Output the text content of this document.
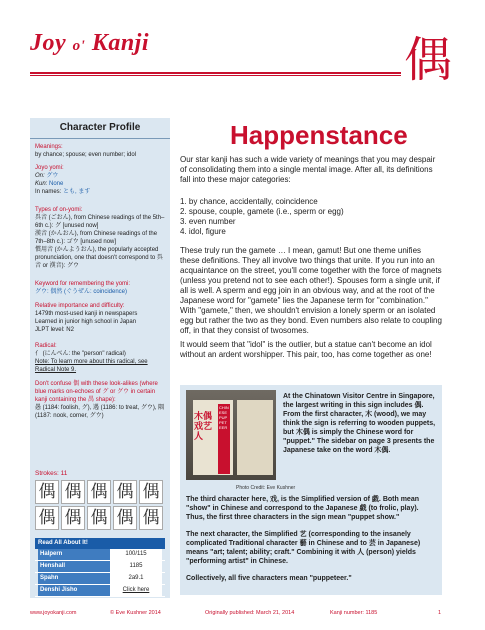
Joy o' Kanji	偶
Character Profile
Meanings:
by chance; spouse; even number; idol
Joyo yomi:
On: グウ
Kun: None
In names: とも, ます
Types of on-yomi:
呉音 (ごおん), from Chinese readings of the 5th–6th c.): グ [unused now]
漢音 (かんおん), from Chinese readings of the 7th–8th c.): ゴウ [unused now]
慣用音 (かんようおん), the popularly accepted pronunciation, one that doesn't correspond to 呉音 or 漢音): グウ
Keyword for remembering the yomi:
グウ: 偶然 (ぐうぜん: coincidence)
Relative importance and difficulty:
1479th most-used kanji in newspapers
Learned in junior high school in Japan
JLPT level: N2
Radical:
亻 (にんべん: the "person" radical)
Note: To learn more about this radical, see Radical Note 9.
Don't confuse 偶 with these look-alikes (where blue marks on-echoes of グ or グウ in certain kanji containing the 禺 shape):
愚 (1184: foolish, グ), 遇 (1186: to treat, グウ), 隅 (1187: nook, corner, グウ)
Strokes: 11
偶 偶 偶 偶 偶
偶 偶 偶 偶 偶
Read All About It!
Halpern	100/115
Henshall	1185
Spahn	2a9.1
Denshi Jisho	Click here
Happenstance
Our star kanji has such a wide variety of meanings that you may despair of consolidating them into a single mental image. After all, its definitions fall into these major categories:
1. by chance, accidentally, coincidence
2. spouse, couple, gamete (i.e., sperm or egg)
3. even number
4. idol, figure
These truly run the gamete … I mean, gamut! But one theme unifies these definitions. They all involve two things that unite. If you run into an acquaintance on the street, you'll come together with the force of magnets (unless you pretend not to see each other!). Spouses form a single unit, if all is well. A sperm and egg join in an obvious way, and at the root of the Japanese word for "gamete" lies the Japanese term for "combination." With "gamete," then, we shouldn't envision a lonely sperm or an isolated egg but rather the two as they bond. Even numbers also relate to coupling off, in that they consist of twosomes.
It would seem that "idol" is the outlier, but a statue can't become an idol without an ardent worshipper. This pair, too, has come together as one!
木偶戏艺人
CHINESE PUPPETEER
Photo Credit: Eve Kushner
At the Chinatown Visitor Centre in Singapore, the largest writing in this sign includes 偶. From the first character, 木 (wood), we may think the sign is referring to wooden puppets, but 木偶 is simply the Chinese word for "puppet." The sidebar on page 3 presents the Japanese take on the word 木偶.
The third character here, 戏, is the Simplified version of 戯. Both mean "show" in Chinese and correspond to the Japanese 戯 (to frolic, play). Thus, the first three characters in the sign mean "puppet show."
The next character, the Simplified 艺 (corresponding to the insanely complicated Traditional character 藝 in Chinese and to 芸 in Japanese) means "art; talent; ability; craft." Combining it with 人 (person) yields "performing artist" in Chinese.
Collectively, all five characters mean "puppeteer."
www.joyokanji.com	© Eve Kushner 2014	Originally published: March 21, 2014	Kanji number: 1185	1
